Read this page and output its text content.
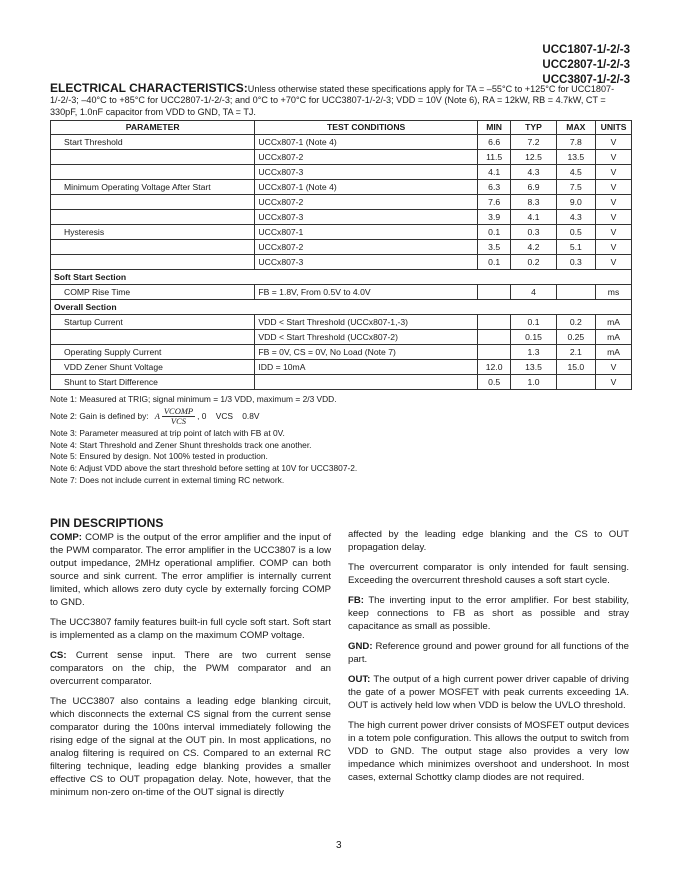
UCC1807-1/-2/-3
UCC2807-1/-2/-3
UCC3807-1/-2/-3
ELECTRICAL CHARACTERISTICS:Unless otherwise stated these specifications apply for TA = –55°C to +125°C for UCC1807-1/-2/-3; –40°C to +85°C for UCC2807-1/-2/-3; and 0°C to +70°C for UCC3807-1/-2/-3; VDD = 10V (Note 6), RA = 12kW, RB = 4.7kW, CT = 330pF, 1.0nF capacitor from VDD to GND, TA = TJ.
PARAMETER	TEST CONDITIONS	MIN	TYP	MAX	UNITS
Start Threshold	UCCx807-1 (Note 4)	6.6	7.2	7.8	V
	UCCx807-2	11.5	12.5	13.5	V
	UCCx807-3	4.1	4.3	4.5	V
Minimum Operating Voltage After Start	UCCx807-1 (Note 4)	6.3	6.9	7.5	V
	UCCx807-2	7.6	8.3	9.0	V
	UCCx807-3	3.9	4.1	4.3	V
Hysteresis	UCCx807-1	0.1	0.3	0.5	V
	UCCx807-2	3.5	4.2	5.1	V
	UCCx807-3	0.1	0.2	0.3	V
Soft Start Section					
COMP Rise Time	FB = 1.8V, From 0.5V to 4.0V		4		ms
Overall Section					
Startup Current	VDD < Start Threshold (UCCx807-1,-3)		0.1	0.2	mA
	VDD < Start Threshold (UCCx807-2)		0.15	0.25	mA
Operating Supply Current	FB = 0V, CS = 0V, No Load (Note 7)		1.3	2.1	mA
VDD Zener Shunt Voltage	IDD = 10mA	12.0	13.5	15.0	V
Shunt to Start Difference		0.5	1.0		V
Note 1: Measured at TRIG; signal minimum = 1/3 VDD, maximum = 2/3 VDD.
Note 2: Gain is defined by: A $\frac{\text{VCOMP}}{\text{VCS}}$ , 0    VCS    0.8V
Note 3: Parameter measured at trip point of latch with FB at 0V.
Note 4: Start Threshold and Zener Shunt thresholds track one another.
Note 5: Ensured by design. Not 100% tested in production.
Note 6: Adjust VDD above the start threshold before setting at 10V for UCC3807-2.
Note 7: Does not include current in external timing RC network.
PIN DESCRIPTIONS

COMP: COMP is the output of the error amplifier and the input of the PWM comparator. The error amplifier in the UCC3807 is a low output impedance, 2MHz operational amplifier. COMP can both source and sink current. The error amplifier is internally current limited, which allows zero duty cycle by externally forcing COMP to GND.

The UCC3807 family features built-in full cycle soft start. Soft start is implemented as a clamp on the maximum COMP voltage.

CS: Current sense input. There are two current sense comparators on the chip, the PWM comparator and an overcurrent comparator.

The UCC3807 also contains a leading edge blanking circuit, which disconnects the external CS signal from the current sense comparator during the 100ns interval immediately following the rising edge of the signal at the OUT pin. In most applications, no analog filtering is required on CS. Compared to an external RC filtering technique, leading edge blanking provides a smaller effective CS to OUT propagation delay. Note, however, that the minimum non-zero on-time of the OUT signal is directly

affected by the leading edge blanking and the CS to OUT propagation delay.

The overcurrent comparator is only intended for fault sensing. Exceeding the overcurrent threshold causes a soft start cycle.

FB: The inverting input to the error amplifier. For best stability, keep connections to FB as short as possible and stray capacitance as small as possible.

GND: Reference ground and power ground for all functions of the part.

OUT: The output of a high current power driver capable of driving the gate of a power MOSFET with peak currents exceeding 1A. OUT is actively held low when VDD is below the UVLO threshold.

The high current power driver consists of MOSFET output devices in a totem pole configuration. This allows the output to switch from VDD to GND. The output stage also provides a very low impedance which minimizes overshoot and undershoot. In most cases, external Schottky clamp diodes are not required.

3
